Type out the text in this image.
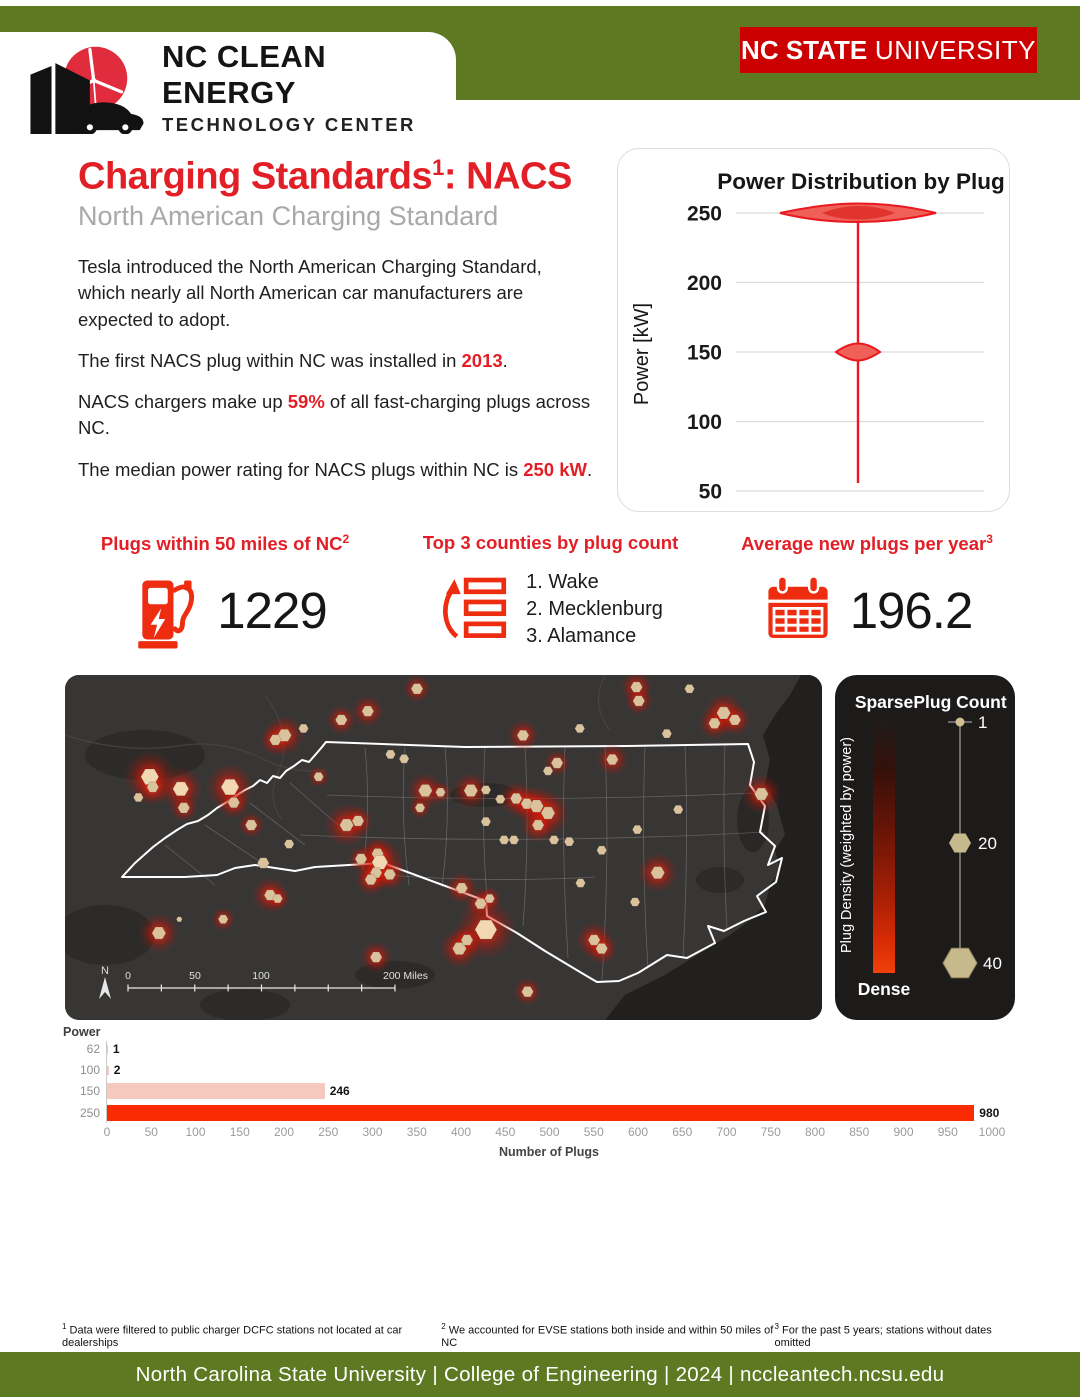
NC CLEAN ENERGY
TECHNOLOGY CENTER
NC STATE UNIVERSITY
Charging Standards$^1$: NACS
North American Charging Standard

Tesla introduced the North American Charging Standard, which nearly all North American car manufacturers are expected to adopt.

The first NACS plug within NC was installed in 2013.

NACS chargers make up 59% of all fast-charging plugs across NC.

The median power rating for NACS plugs within NC is 250 kW.

Power Distribution by Plug
Power [kW]
250
200
150
100
50
Plugs within 50 miles of $NC^2$
1229
Top 3 counties by plug count
1. Wake
2. Mecklenburg
3. Alamance
Average new plugs per year$^3$
196.2
N 0	50	100	200 Miles
Sparse
Dense
Plug Density (weighted by power)
Plug Count
1
20
40
Power
Number of Plugs
62 1
100 2
150	246
250	980
0	50 100 150 200 250 300 350 400 450 500 550 600 650 700 750 800 850 900 950 1000
$^1$ Data were filtered to public charger DCFC stations not located at car dealerships
$^2$ We accounted for EVSE stations both inside and within 50 miles of NC
$^3$ For the past 5 years; stations without dates omitted
North Carolina State University | College of Engineering | 2024 | nccleantech.ncsu.edu
